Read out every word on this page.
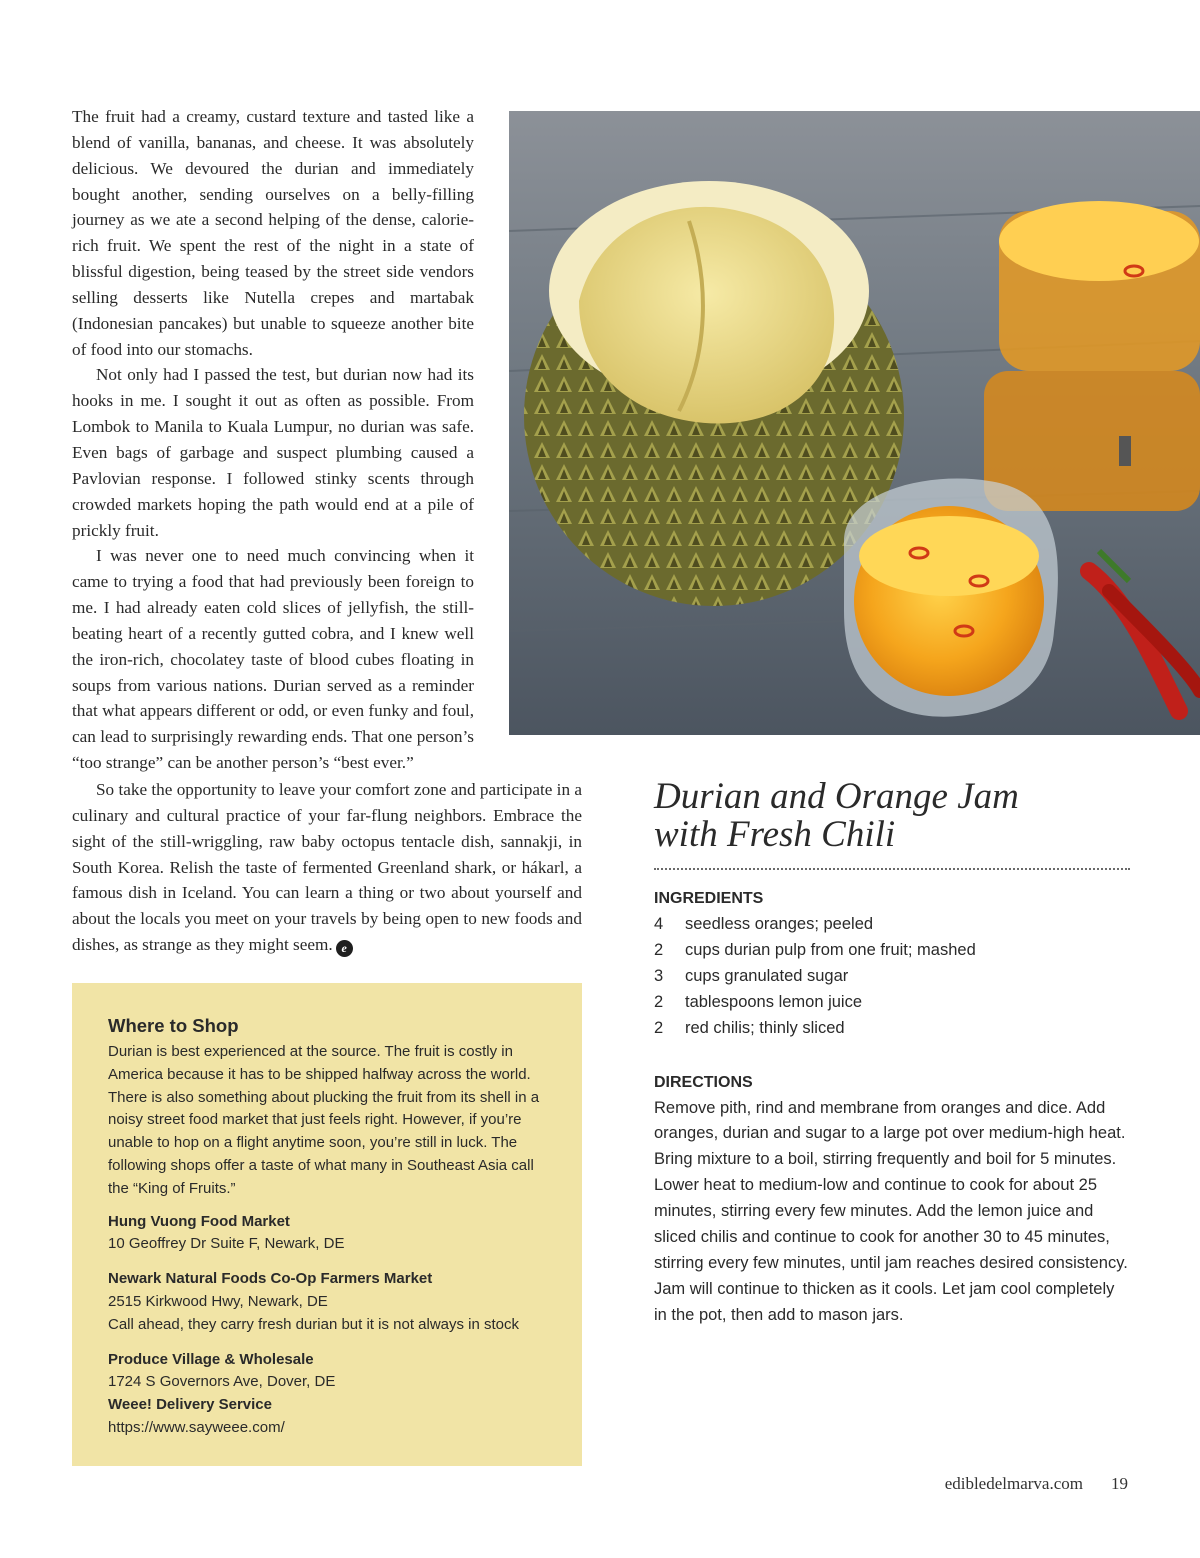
The fruit had a creamy, custard texture and tasted like a blend of vanilla, bananas, and cheese. It was absolutely delicious. We devoured the durian and immediately bought another, sending ourselves on a belly-filling journey as we ate a second helping of the dense, calorie-rich fruit. We spent the rest of the night in a state of blissful digestion, being teased by the street side vendors selling desserts like Nutella crepes and martabak (Indonesian pancakes) but unable to squeeze another bite of food into our stomachs.

Not only had I passed the test, but durian now had its hooks in me. I sought it out as often as possible. From Lombok to Manila to Kuala Lumpur, no durian was safe. Even bags of garbage and suspect plumbing caused a Pavlovian response. I followed stinky scents through crowded markets hoping the path would end at a pile of prickly fruit.

I was never one to need much convincing when it came to trying a food that had previously been foreign to me. I had already eaten cold slices of jellyfish, the still-beating heart of a recently gutted cobra, and I knew well the iron-rich, chocolatey taste of blood cubes floating in soups from various nations. Durian served as a reminder that what appears different or odd, or even funky and foul, can lead to surprisingly rewarding ends. That one person’s “too strange” can be another person’s “best ever.”

So take the opportunity to leave your comfort zone and participate in a culinary and cultural practice of your far-flung neighbors. Embrace the sight of the still-wriggling, raw baby octopus tentacle dish, sannakji, in South Korea. Relish the taste of fermented Greenland shark, or hákarl, a famous dish in Iceland. You can learn a thing or two about yourself and about the locals you meet on your travels by being open to new foods and dishes, as strange as they might seem. e

Where to Shop

Durian is best experienced at the source. The fruit is costly in America because it has to be shipped halfway across the world. There is also something about plucking the fruit from its shell in a noisy street food market that just feels right. However, if you’re unable to hop on a flight anytime soon, you’re still in luck. The following shops offer a taste of what many in Southeast Asia call the “King of Fruits.”

Hung Vuong Food Market
10 Geoffrey Dr Suite F, Newark, DE
Newark Natural Foods Co-Op Farmers Market
2515 Kirkwood Hwy, Newark, DE
Call ahead, they carry fresh durian but it is not always in stock
Produce Village & Wholesale
1724 S Governors Ave, Dover, DE
Weee! Delivery Service
https://www.sayweee.com/
Durian and Orange Jam
with Fresh Chili
INGREDIENTS
4	seedless oranges; peeled
2	cups durian pulp from one fruit; mashed
3	cups granulated sugar
2	tablespoons lemon juice
2	red chilis; thinly sliced
DIRECTIONS

Remove pith, rind and membrane from oranges and dice. Add oranges, durian and sugar to a large pot over medium-high heat. Bring mixture to a boil, stirring frequently and boil for 5 minutes. Lower heat to medium-low and continue to cook for about 25 minutes, stirring every few minutes. Add the lemon juice and sliced chilis and continue to cook for another 30 to 45 minutes, stirring every few minutes, until jam reaches desired consistency. Jam will continue to thicken as it cools. Let jam cool completely in the pot, then add to mason jars.

edibledelmarva.com 19
